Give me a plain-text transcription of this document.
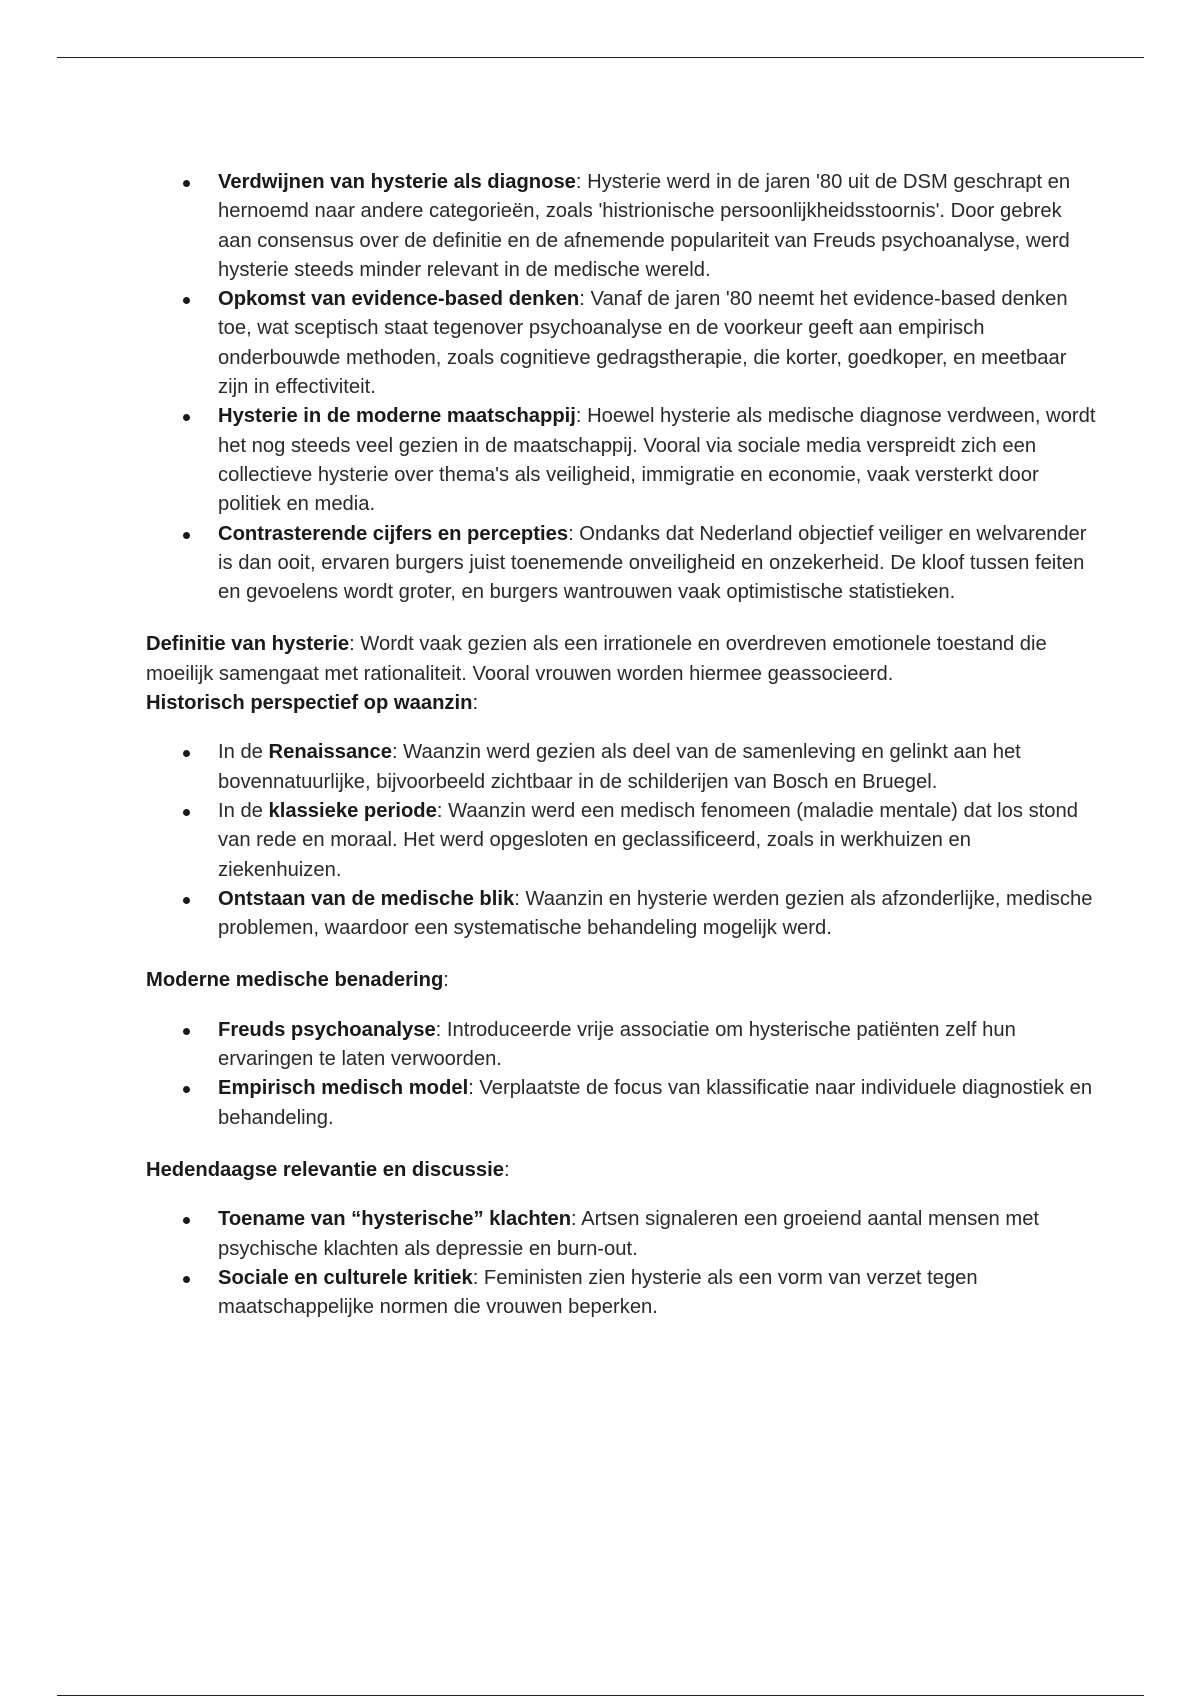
Verdwijnen van hysterie als diagnose: Hysterie werd in de jaren '80 uit de DSM geschrapt en hernoemd naar andere categorieën, zoals 'histrionische persoonlijkheidsstoornis'. Door gebrek aan consensus over de definitie en de afnemende populariteit van Freuds psychoanalyse, werd hysterie steeds minder relevant in de medische wereld.
Opkomst van evidence-based denken: Vanaf de jaren '80 neemt het evidence-based denken toe, wat sceptisch staat tegenover psychoanalyse en de voorkeur geeft aan empirisch onderbouwde methoden, zoals cognitieve gedragstherapie, die korter, goedkoper, en meetbaar zijn in effectiviteit.
Hysterie in de moderne maatschappij: Hoewel hysterie als medische diagnose verdween, wordt het nog steeds veel gezien in de maatschappij. Vooral via sociale media verspreidt zich een collectieve hysterie over thema's als veiligheid, immigratie en economie, vaak versterkt door politiek en media.
Contrasterende cijfers en percepties: Ondanks dat Nederland objectief veiliger en welvarender is dan ooit, ervaren burgers juist toenemende onveiligheid en onzekerheid. De kloof tussen feiten en gevoelens wordt groter, en burgers wantrouwen vaak optimistische statistieken.

Definitie van hysterie: Wordt vaak gezien als een irrationele en overdreven emotionele toestand die moeilijk samengaat met rationaliteit. Vooral vrouwen worden hiermee geassocieerd.

Historisch perspectief op waanzin:

In de Renaissance: Waanzin werd gezien als deel van de samenleving en gelinkt aan het bovennatuurlijke, bijvoorbeeld zichtbaar in de schilderijen van Bosch en Bruegel.
In de klassieke periode: Waanzin werd een medisch fenomeen (maladie mentale) dat los stond van rede en moraal. Het werd opgesloten en geclassificeerd, zoals in werkhuizen en ziekenhuizen.
Ontstaan van de medische blik: Waanzin en hysterie werden gezien als afzonderlijke, medische problemen, waardoor een systematische behandeling mogelijk werd.

Moderne medische benadering:

Freuds psychoanalyse: Introduceerde vrije associatie om hysterische patiënten zelf hun ervaringen te laten verwoorden.
Empirisch medisch model: Verplaatste de focus van klassificatie naar individuele diagnostiek en behandeling.

Hedendaagse relevantie en discussie:

Toename van “hysterische” klachten: Artsen signaleren een groeiend aantal mensen met psychische klachten als depressie en burn-out.
Sociale en culturele kritiek: Feministen zien hysterie als een vorm van verzet tegen maatschappelijke normen die vrouwen beperken.
